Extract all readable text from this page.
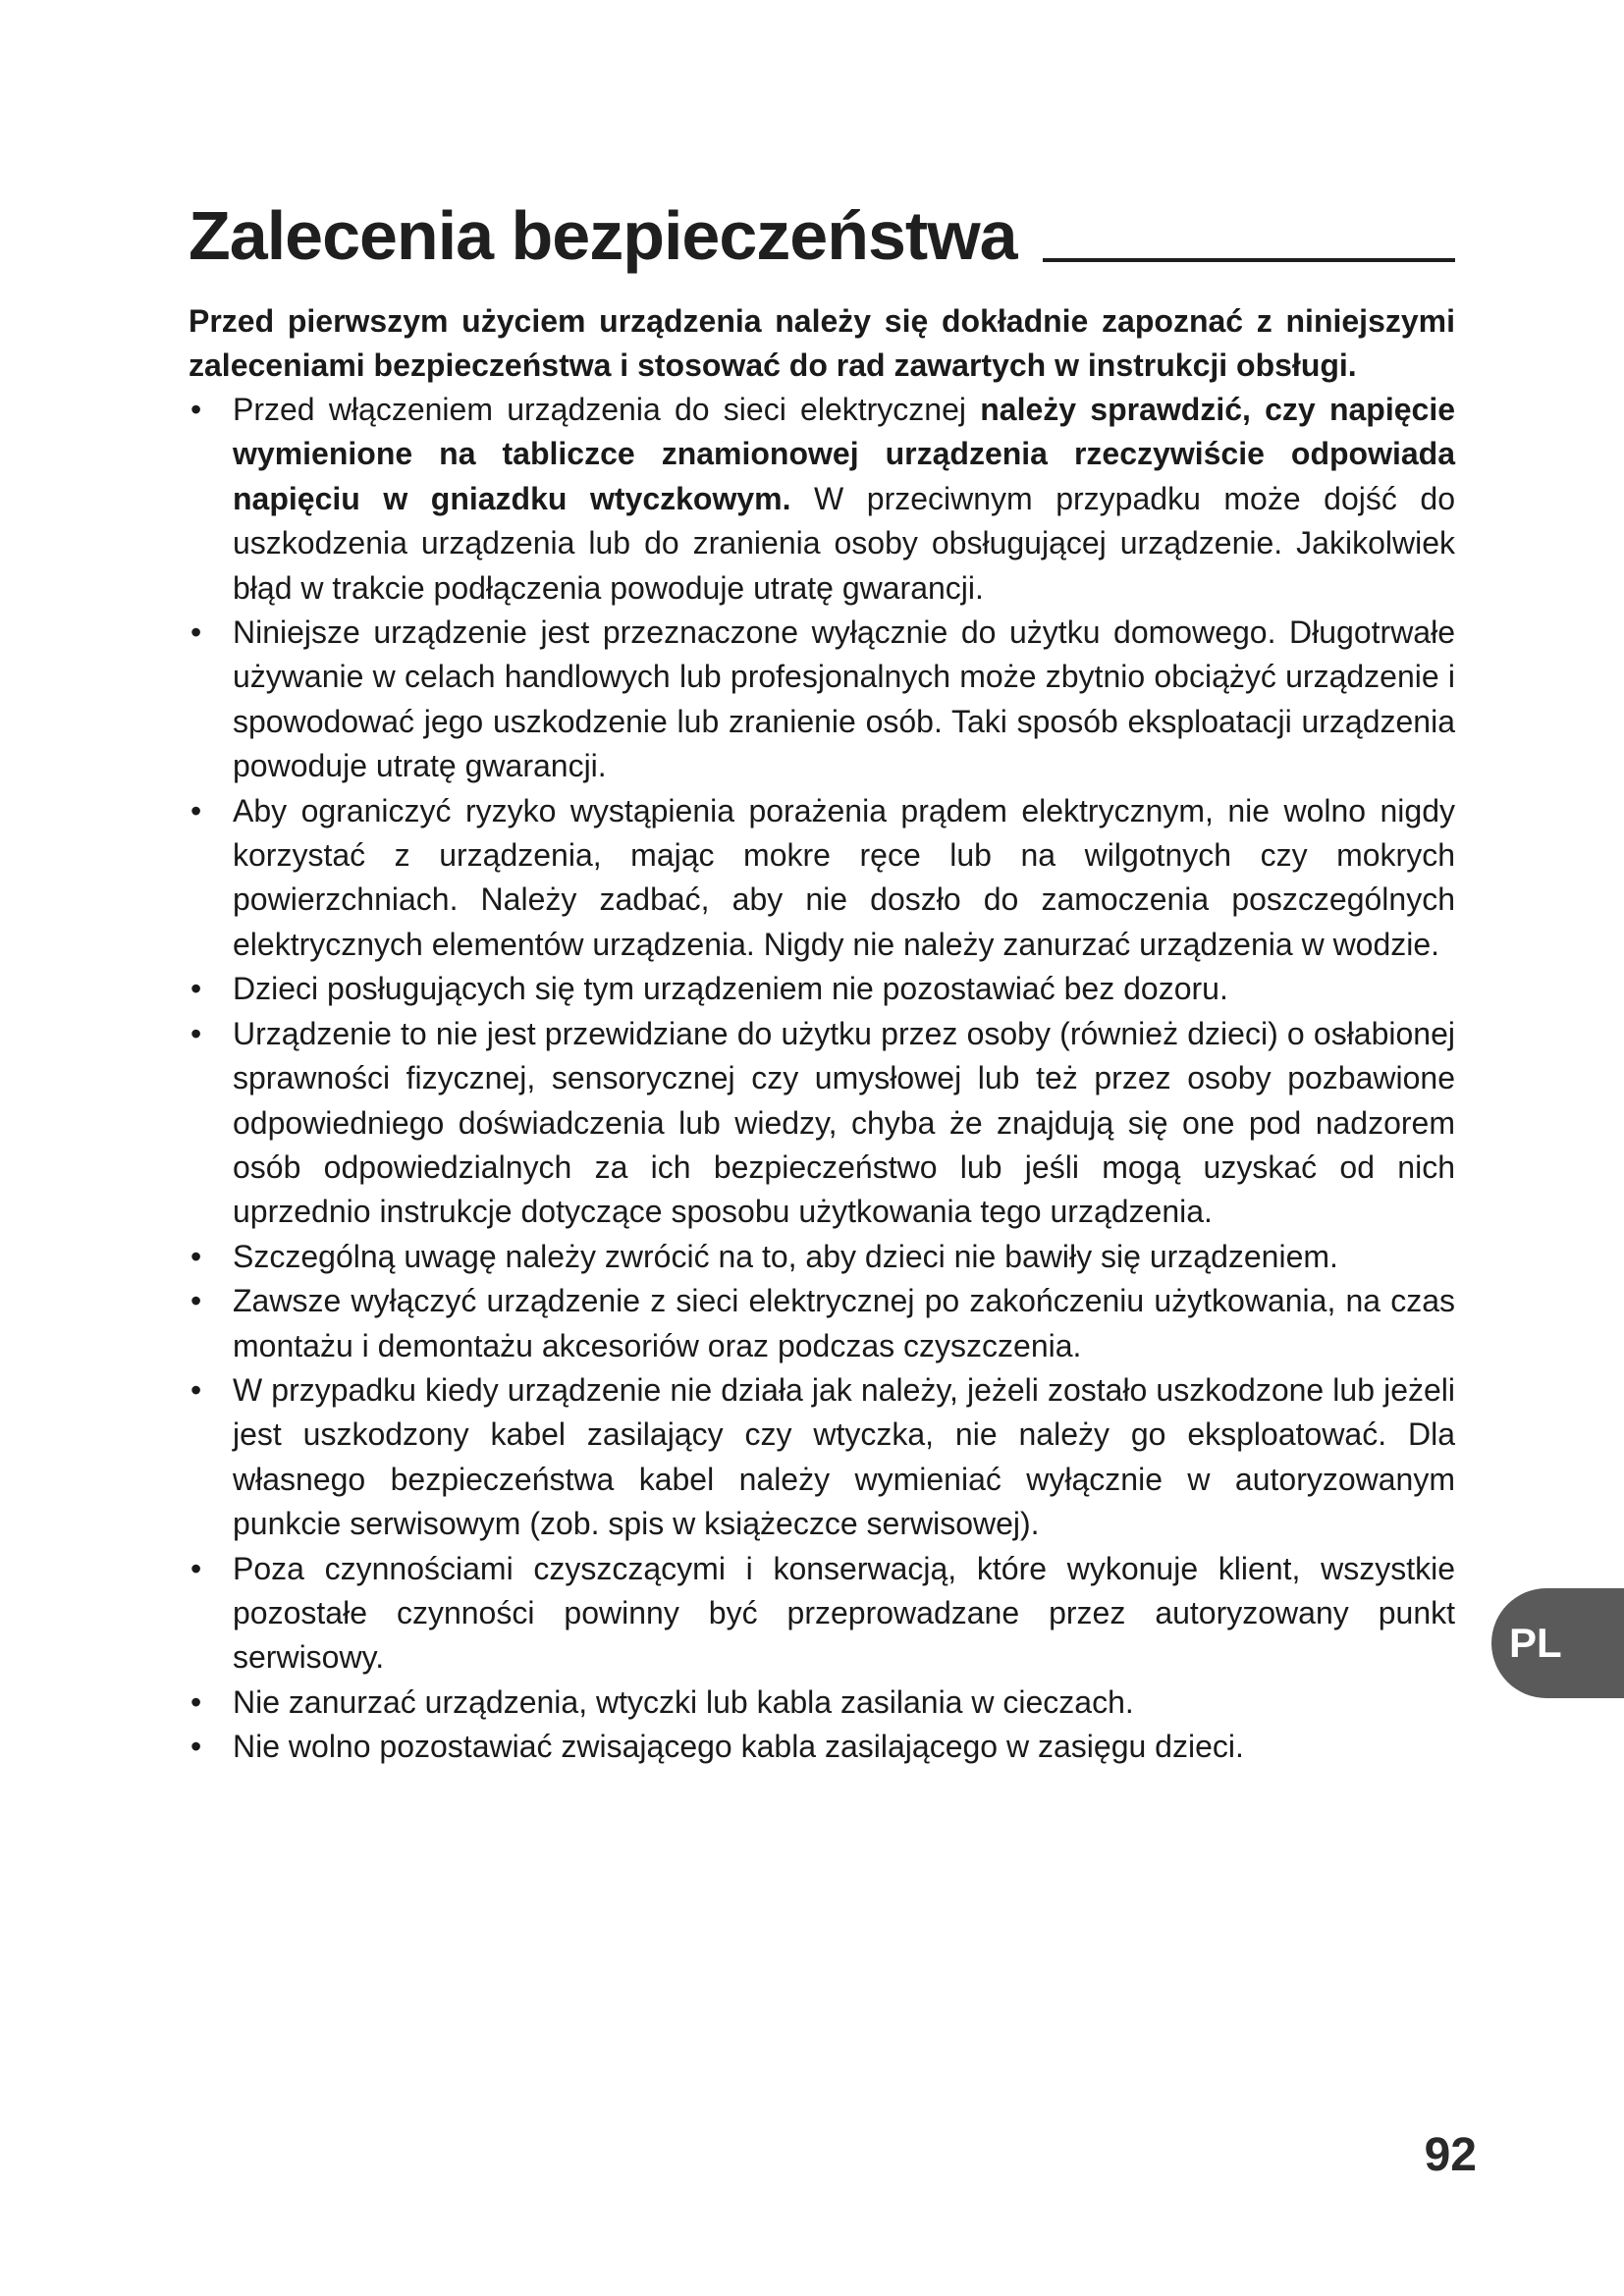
Zalecenia bezpieczeństwa
Przed pierwszym użyciem urządzenia należy się dokładnie zapoznać z niniejszymi zaleceniami bezpieczeństwa i stosować do rad zawartych w instrukcji obsługi.
• Przed włączeniem urządzenia do sieci elektrycznej należy sprawdzić, czy napięcie wymienione na tabliczce znamionowej urządzenia rzeczywiście odpowiada napięciu w gniazdku wtyczkowym. W przeciwnym przypadku może dojść do uszkodzenia urządzenia lub do zranienia osoby obsługującej urządzenie. Jakikolwiek błąd w trakcie podłączenia powoduje utratę gwarancji.
• Niniejsze urządzenie jest przeznaczone wyłącznie do użytku domowego. Długotrwałe używanie w celach handlowych lub profesjonalnych może zbytnio obciążyć urządzenie i spowodować jego uszkodzenie lub zranienie osób. Taki sposób eksploatacji urządzenia powoduje utratę gwarancji.
• Aby ograniczyć ryzyko wystąpienia porażenia prądem elektrycznym, nie wolno nigdy korzystać z urządzenia, mając mokre ręce lub na wilgotnych czy mokrych powierzchniach. Należy zadbać, aby nie doszło do zamoczenia poszczególnych elektrycznych elementów urządzenia. Nigdy nie należy zanurzać urządzenia w wodzie.
• Dzieci posługujących się tym urządzeniem nie pozostawiać bez dozoru.
• Urządzenie to nie jest przewidziane do użytku przez osoby (również dzieci) o osłabionej sprawności fizycznej, sensorycznej czy umysłowej lub też przez osoby pozbawione odpowiedniego doświadczenia lub wiedzy, chyba że znajdują się one pod nadzorem osób odpowiedzialnych za ich bezpieczeństwo lub jeśli mogą uzyskać od nich uprzednio instrukcje dotyczące sposobu użytkowania tego urządzenia.
• Szczególną uwagę należy zwrócić na to, aby dzieci nie bawiły się urządzeniem.
• Zawsze wyłączyć urządzenie z sieci elektrycznej po zakończeniu użytkowania, na czas montażu i demontażu akcesoriów oraz podczas czyszczenia.
• W przypadku kiedy urządzenie nie działa jak należy, jeżeli zostało uszkodzone lub jeżeli jest uszkodzony kabel zasilający czy wtyczka, nie należy go eksploatować. Dla własnego bezpieczeństwa kabel należy wymieniać wyłącznie w autoryzowanym punkcie serwisowym (zob. spis w książeczce serwisowej).
• Poza czynnościami czyszczącymi i konserwacją, które wykonuje klient, wszystkie pozostałe czynności powinny być przeprowadzane przez autoryzowany punkt serwisowy.
• Nie zanurzać urządzenia, wtyczki lub kabla zasilania w cieczach.
• Nie wolno pozostawiać zwisającego kabla zasilającego w zasięgu dzieci.
PL
92
